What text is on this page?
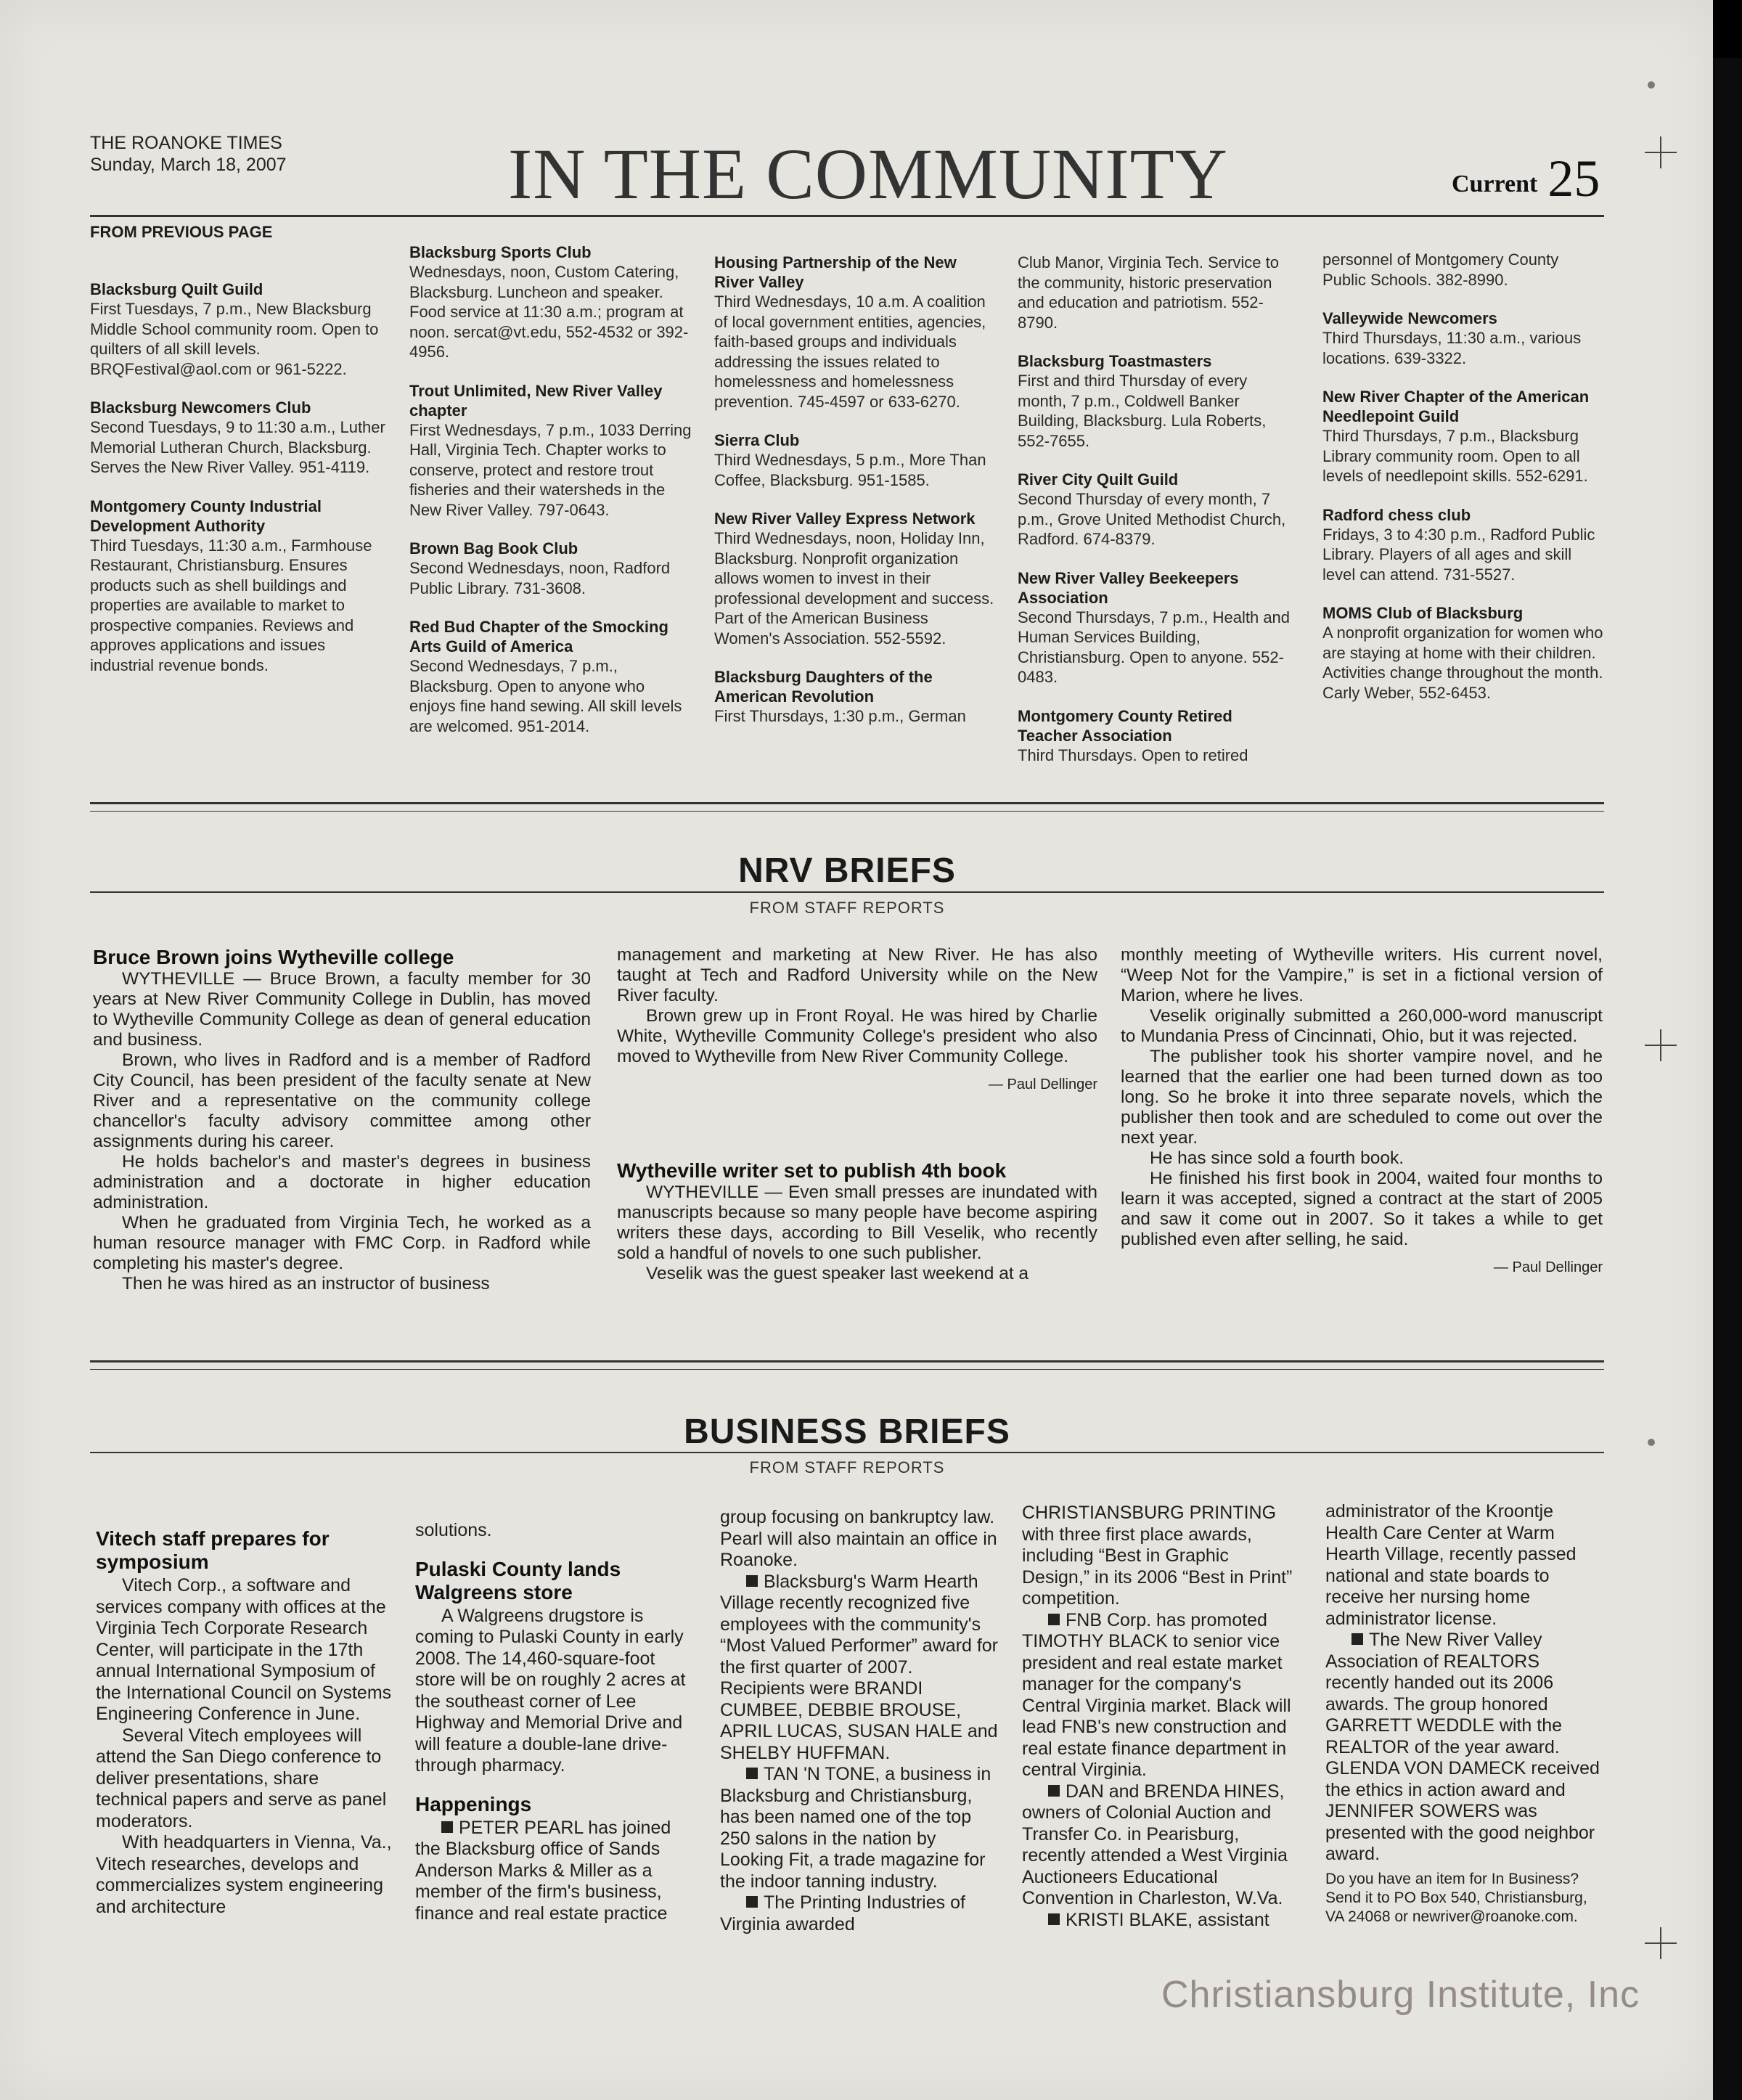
THE ROANOKE TIMES
Sunday, March 18, 2007	IN THE COMMUNITY	Current 25
FROM PREVIOUS PAGE
Blacksburg Quilt Guild

First Tuesdays, 7 p.m., New Blacksburg Middle School community room. Open to quilters of all skill levels. BRQFestival@aol.com or 961-5222.

Blacksburg Newcomers Club

Second Tuesdays, 9 to 11:30 a.m., Luther Memorial Lutheran Church, Blacksburg. Serves the New River Valley. 951-4119.

Montgomery County Industrial Development Authority

Third Tuesdays, 11:30 a.m., Farmhouse Restaurant, Christiansburg. Ensures products such as shell buildings and properties are available to market to prospective companies. Reviews and approves applications and issues industrial revenue bonds.

Blacksburg Sports Club

Wednesdays, noon, Custom Catering, Blacksburg. Luncheon and speaker. Food service at 11:30 a.m.; program at noon. sercat@vt.edu, 552-4532 or 392-4956.

Trout Unlimited, New River Valley chapter

First Wednesdays, 7 p.m., 1033 Derring Hall, Virginia Tech. Chapter works to conserve, protect and restore trout fisheries and their watersheds in the New River Valley. 797-0643.

Brown Bag Book Club

Second Wednesdays, noon, Radford Public Library. 731-3608.

Red Bud Chapter of the Smocking Arts Guild of America

Second Wednesdays, 7 p.m., Blacksburg. Open to anyone who enjoys fine hand sewing. All skill levels are welcomed. 951-2014.

Housing Partnership of the New River Valley

Third Wednesdays, 10 a.m. A coalition of local government entities, agencies, faith-based groups and individuals addressing the issues related to homelessness and homelessness prevention. 745-4597 or 633-6270.

Sierra Club

Third Wednesdays, 5 p.m., More Than Coffee, Blacksburg. 951-1585.

New River Valley Express Network

Third Wednesdays, noon, Holiday Inn, Blacksburg. Nonprofit organization allows women to invest in their professional development and success. Part of the American Business Women's Association. 552-5592.

Blacksburg Daughters of the American Revolution

First Thursdays, 1:30 p.m., German

Club Manor, Virginia Tech. Service to the community, historic preservation and education and patriotism. 552-8790.

Blacksburg Toastmasters

First and third Thursday of every month, 7 p.m., Coldwell Banker Building, Blacksburg. Lula Roberts, 552-7655.

River City Quilt Guild

Second Thursday of every month, 7 p.m., Grove United Methodist Church, Radford. 674-8379.

New River Valley Beekeepers Association

Second Thursdays, 7 p.m., Health and Human Services Building, Christiansburg. Open to anyone. 552-0483.

Montgomery County Retired Teacher Association

Third Thursdays. Open to retired

personnel of Montgomery County Public Schools. 382-8990.

Valleywide Newcomers

Third Thursdays, 11:30 a.m., various locations. 639-3322.

New River Chapter of the American Needlepoint Guild

Third Thursdays, 7 p.m., Blacksburg Library community room. Open to all levels of needlepoint skills. 552-6291.

Radford chess club

Fridays, 3 to 4:30 p.m., Radford Public Library. Players of all ages and skill level can attend. 731-5527.

MOMS Club of Blacksburg

A nonprofit organization for women who are staying at home with their children. Activities change throughout the month. Carly Weber, 552-6453.

NRV BRIEFS
FROM STAFF REPORTS
Bruce Brown joins Wytheville college

WYTHEVILLE — Bruce Brown, a faculty member for 30 years at New River Community College in Dublin, has moved to Wytheville Community College as dean of general education and business.

Brown, who lives in Radford and is a member of Radford City Council, has been president of the faculty senate at New River and a representative on the community college chancellor's faculty advisory committee among other assignments during his career.

He holds bachelor's and master's degrees in business administration and a doctorate in higher education administration.

When he graduated from Virginia Tech, he worked as a human resource manager with FMC Corp. in Radford while completing his master's degree.

Then he was hired as an instructor of business

management and marketing at New River. He has also taught at Tech and Radford University while on the New River faculty.

Brown grew up in Front Royal. He was hired by Charlie White, Wytheville Community College's president who also moved to Wytheville from New River Community College.

— Paul Dellinger

Wytheville writer set to publish 4th book

WYTHEVILLE — Even small presses are inundated with manuscripts because so many people have become aspiring writers these days, according to Bill Veselik, who recently sold a handful of novels to one such publisher.

Veselik was the guest speaker last weekend at a

monthly meeting of Wytheville writers. His current novel, “Weep Not for the Vampire,” is set in a fictional version of Marion, where he lives.

Veselik originally submitted a 260,000-word manuscript to Mundania Press of Cincinnati, Ohio, but it was rejected.

The publisher took his shorter vampire novel, and he learned that the earlier one had been turned down as too long. So he broke it into three separate novels, which the publisher then took and are scheduled to come out over the next year.

He has since sold a fourth book.

He finished his first book in 2004, waited four months to learn it was accepted, signed a contract at the start of 2005 and saw it come out in 2007. So it takes a while to get published even after selling, he said.

— Paul Dellinger

BUSINESS BRIEFS
FROM STAFF REPORTS
Vitech staff prepares for symposium

Vitech Corp., a software and services company with offices at the Virginia Tech Corporate Research Center, will participate in the 17th annual International Symposium of the International Council on Systems Engineering Conference in June.

Several Vitech employees will attend the San Diego conference to deliver presentations, share technical papers and serve as panel moderators.

With headquarters in Vienna, Va., Vitech researches, develops and commercializes system engineering and architecture

solutions.

Pulaski County lands Walgreens store

A Walgreens drugstore is coming to Pulaski County in early 2008. The 14,460-square-foot store will be on roughly 2 acres at the southeast corner of Lee Highway and Memorial Drive and will feature a double-lane drive-through pharmacy.

Happenings

PETER PEARL has joined the Blacksburg office of Sands Anderson Marks & Miller as a member of the firm's business, finance and real estate practice

group focusing on bankruptcy law. Pearl will also maintain an office in Roanoke.

Blacksburg's Warm Hearth Village recently recognized five employees with the community's “Most Valued Performer” award for the first quarter of 2007. Recipients were BRANDI CUMBEE, DEBBIE BROUSE, APRIL LUCAS, SUSAN HALE and SHELBY HUFFMAN.

TAN 'N TONE, a business in Blacksburg and Christiansburg, has been named one of the top 250 salons in the nation by Looking Fit, a trade magazine for the indoor tanning industry.

The Printing Industries of Virginia awarded

CHRISTIANSBURG PRINTING with three first place awards, including “Best in Graphic Design,” in its 2006 “Best in Print” competition.

FNB Corp. has promoted TIMOTHY BLACK to senior vice president and real estate market manager for the company's Central Virginia market. Black will lead FNB's new construction and real estate finance department in central Virginia.

DAN and BRENDA HINES, owners of Colonial Auction and Transfer Co. in Pearisburg, recently attended a West Virginia Auctioneers Educational Convention in Charleston, W.Va.

KRISTI BLAKE, assistant

administrator of the Kroontje Health Care Center at Warm Hearth Village, recently passed national and state boards to receive her nursing home administrator license.

The New River Valley Association of REALTORS recently handed out its 2006 awards. The group honored GARRETT WEDDLE with the REALTOR of the year award. GLENDA VON DAMECK received the ethics in action award and JENNIFER SOWERS was presented with the good neighbor award.

Do you have an item for In Business? Send it to PO Box 540, Christiansburg, VA 24068 or newriver@roanoke.com.

Christiansburg Institute, Inc
